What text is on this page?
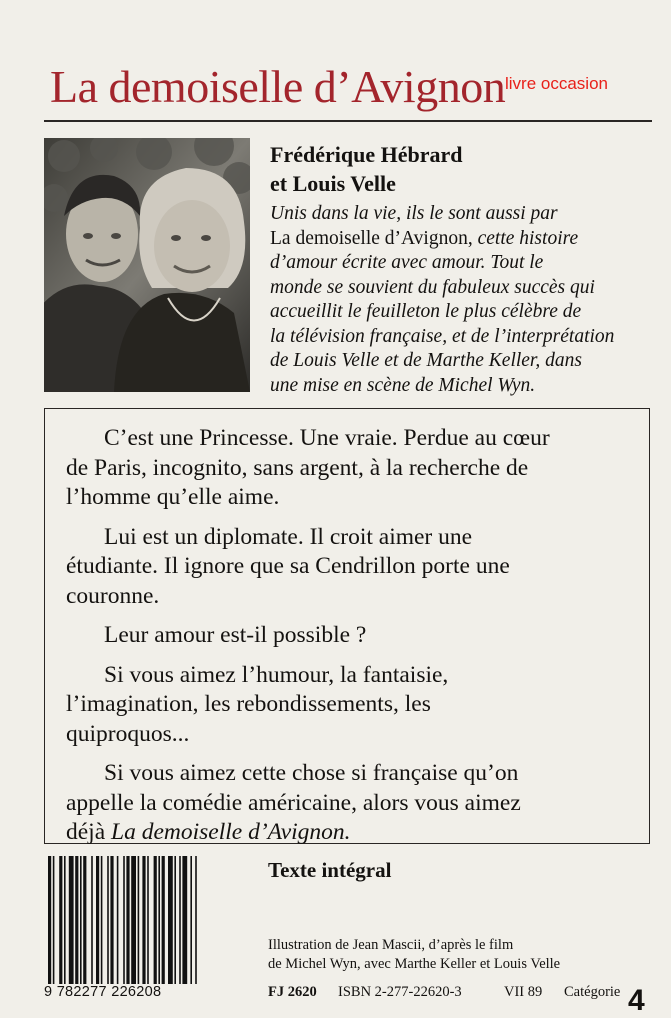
La demoiselle d’Avignon livre occasion
Frédérique Hébrard
et Louis Velle
Unis dans la vie, ils le sont aussi par
La demoiselle d’Avignon, cette histoire
d’amour écrite avec amour. Tout le
monde se souvient du fabuleux succès qui
accueillit le feuilleton le plus célèbre de
la télévision française, et de l’interprétation
de Louis Velle et de Marthe Keller, dans
une mise en scène de Michel Wyn.
C’est une Princesse. Une vraie. Perdue au cœur
de Paris, incognito, sans argent, à la recherche de
l’homme qu’elle aime.
Lui est un diplomate. Il croit aimer une
étudiante. Il ignore que sa Cendrillon porte une
couronne.
Leur amour est-il possible ?
Si vous aimez l’humour, la fantaisie,
l’imagination, les rebondissements, les
quiproquos...
Si vous aimez cette chose si française qu’on
appelle la comédie américaine, alors vous aimez
déjà La demoiselle d’Avignon.
9 782277 226208
Texte intégral
Illustration de Jean Mascii, d’après le film
de Michel Wyn, avec Marthe Keller et Louis Velle
FJ 2620 ISBN 2-277-22620-3	VII 89 Catégorie 4
